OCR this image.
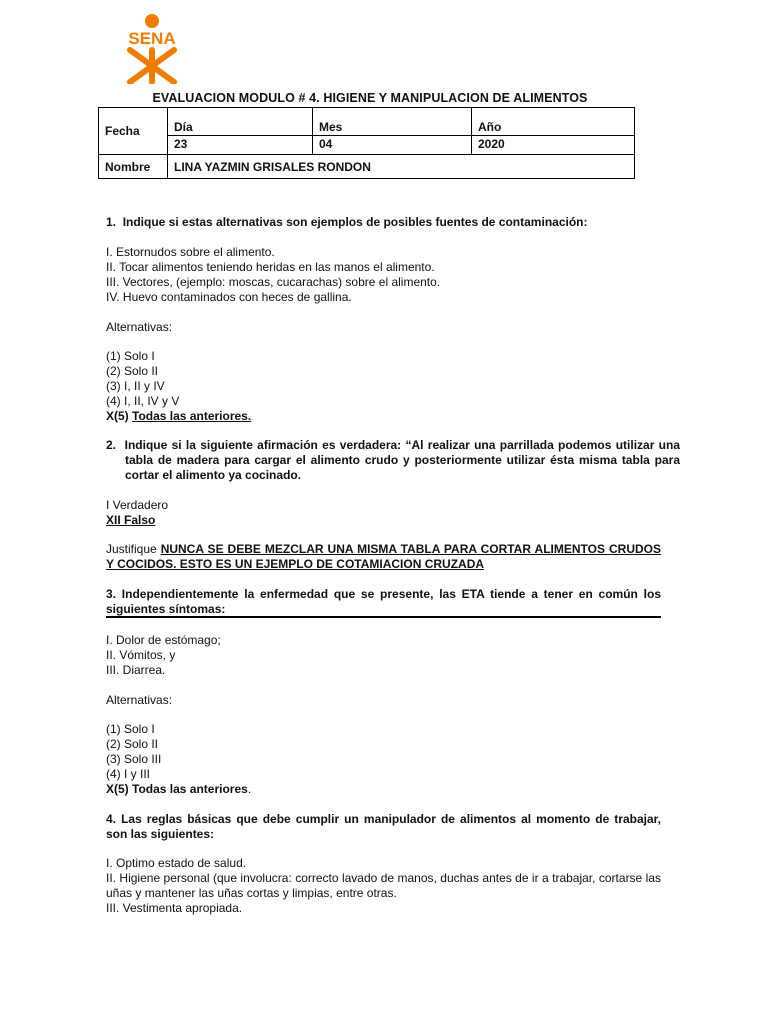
SENA
EVALUACION MODULO # 4. HIGIENE Y MANIPULACION DE ALIMENTOS
Fecha	Día	Mes	Año
	23	04	2020
Nombre	LINA YAZMIN GRISALES RONDON		
1. Indique si estas alternativas son ejemplos de posibles fuentes de contaminación:
I. Estornudos sobre el alimento.
II. Tocar alimentos teniendo heridas en las manos el alimento.
III. Vectores, (ejemplo: moscas, cucarachas) sobre el alimento.
IV. Huevo contaminados con heces de gallina.
Alternativas:
(1) Solo I
(2) Solo II
(3) I, II y IV
(4) I, II, IV y V
X(5) Todas las anteriores.
2. Indique si la siguiente afirmación es verdadera: “Al realizar una parrillada podemos utilizar una tabla de madera para cargar el alimento crudo y posteriormente utilizar ésta misma tabla para cortar el alimento ya cocinado.
I Verdadero
XII Falso
Justifique NUNCA SE DEBE MEZCLAR UNA MISMA TABLA PARA CORTAR ALIMENTOS CRUDOS Y COCIDOS. ESTO ES UN EJEMPLO DE COTAMIACION CRUZADA
3. Independientemente la enfermedad que se presente, las ETA tiende a tener en común los siguientes síntomas:
I. Dolor de estómago;
II. Vómitos, y
III. Diarrea.
Alternativas:
(1) Solo I
(2) Solo II
(3) Solo III
(4) I y III
X(5) Todas las anteriores.
4. Las reglas básicas que debe cumplir un manipulador de alimentos al momento de trabajar, son las siguientes:
I. Optimo estado de salud.
II. Higiene personal (que involucra: correcto lavado de manos, duchas antes de ir a trabajar, cortarse las uñas y mantener las uñas cortas y limpias, entre otras.
III. Vestimenta apropiada.
